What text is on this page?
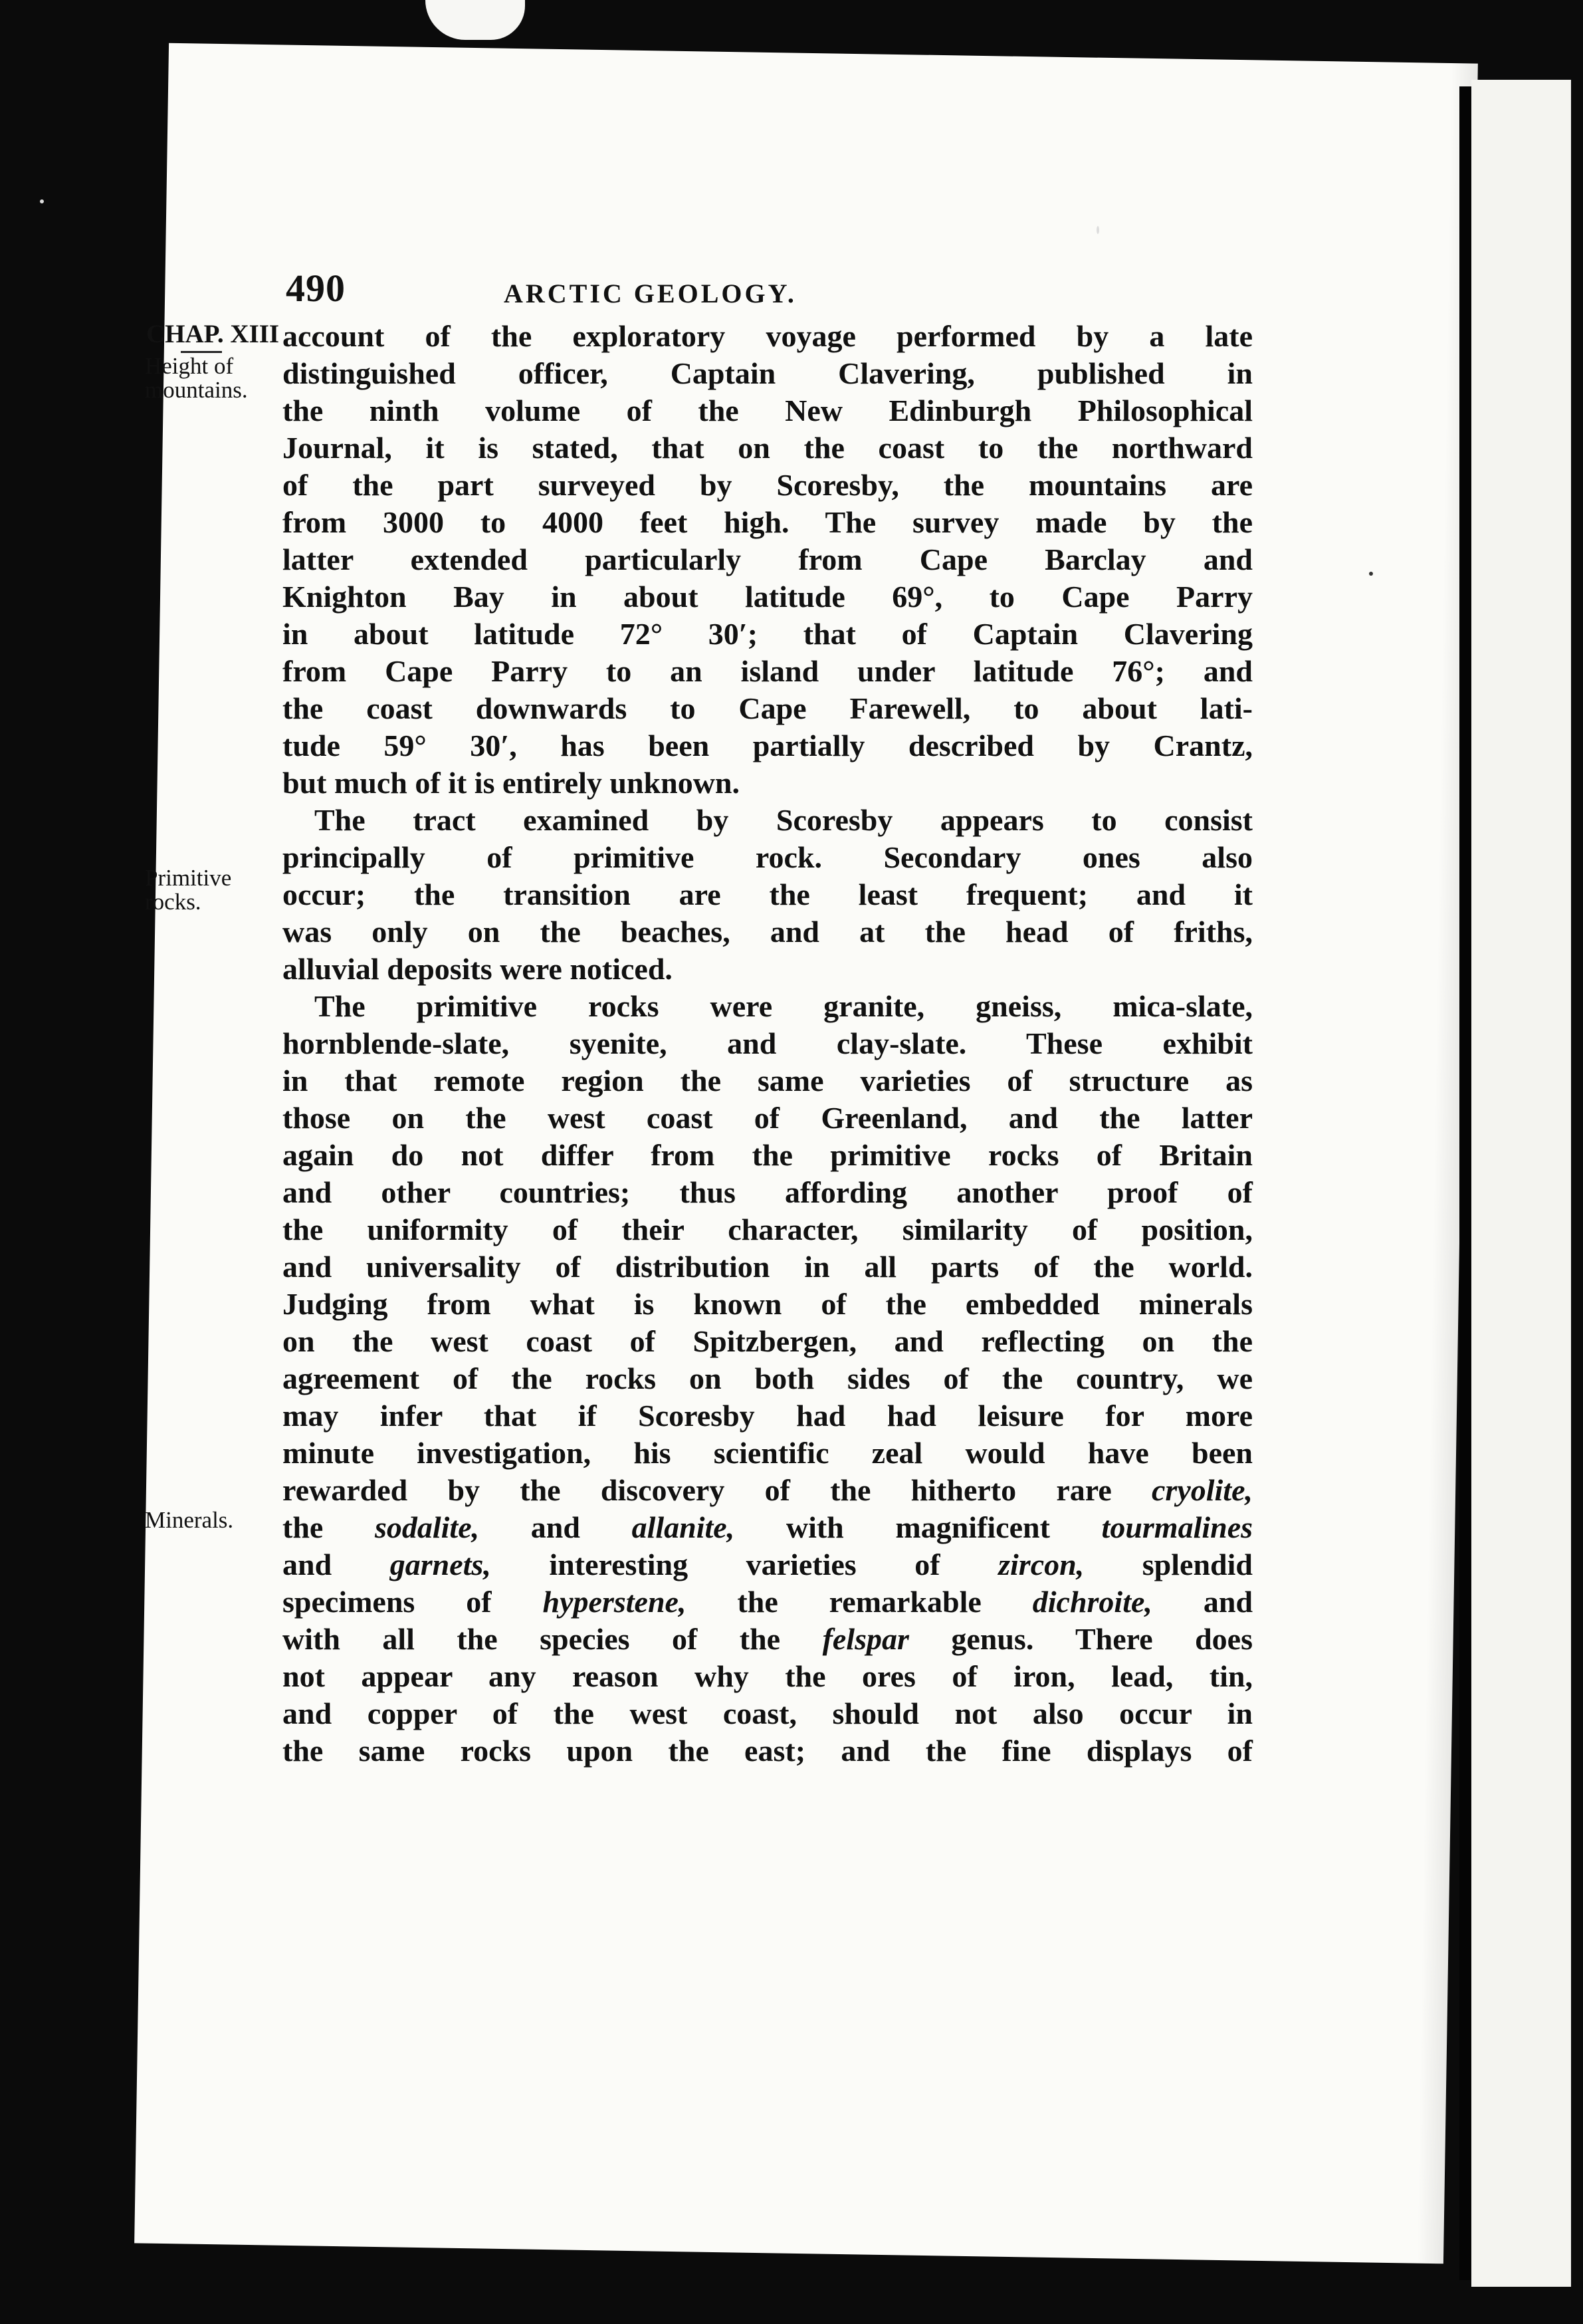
490	ARCTIC GEOLOGY.
CHAP. XIII
Height of
mountains.
Primitive
rocks.
Minerals.
account of the exploratory voyage performed by a late
distinguished officer, Captain Clavering, published in
the ninth volume of the New Edinburgh Philosophical
Journal, it is stated, that on the coast to the northward
of the part surveyed by Scoresby, the mountains are
from 3000 to 4000 feet high. The survey made by the
latter extended particularly from Cape Barclay and
Knighton Bay in about latitude 69°, to Cape Parry
in about latitude 72° 30′; that of Captain Clavering
from Cape Parry to an island under latitude 76°; and
the coast downwards to Cape Farewell, to about lati-
tude 59° 30′, has been partially described by Crantz,
but much of it is entirely unknown.
The tract examined by Scoresby appears to consist
principally of primitive rock. Secondary ones also
occur; the transition are the least frequent; and it
was only on the beaches, and at the head of friths,
alluvial deposits were noticed.
The primitive rocks were granite, gneiss, mica-slate,
hornblende-slate, syenite, and clay-slate. These exhibit
in that remote region the same varieties of structure as
those on the west coast of Greenland, and the latter
again do not differ from the primitive rocks of Britain
and other countries; thus affording another proof of
the uniformity of their character, similarity of position,
and universality of distribution in all parts of the world.
Judging from what is known of the embedded minerals
on the west coast of Spitzbergen, and reflecting on the
agreement of the rocks on both sides of the country, we
may infer that if Scoresby had had leisure for more
minute investigation, his scientific zeal would have been
rewarded by the discovery of the hitherto rare cryolite,
the sodalite, and allanite, with magnificent tourmalines
and garnets, interesting varieties of zircon, splendid
specimens of hyperstene, the remarkable dichroite, and
with all the species of the felspar genus. There does
not appear any reason why the ores of iron, lead, tin,
and copper of the west coast, should not also occur in
the same rocks upon the east; and the fine displays of
